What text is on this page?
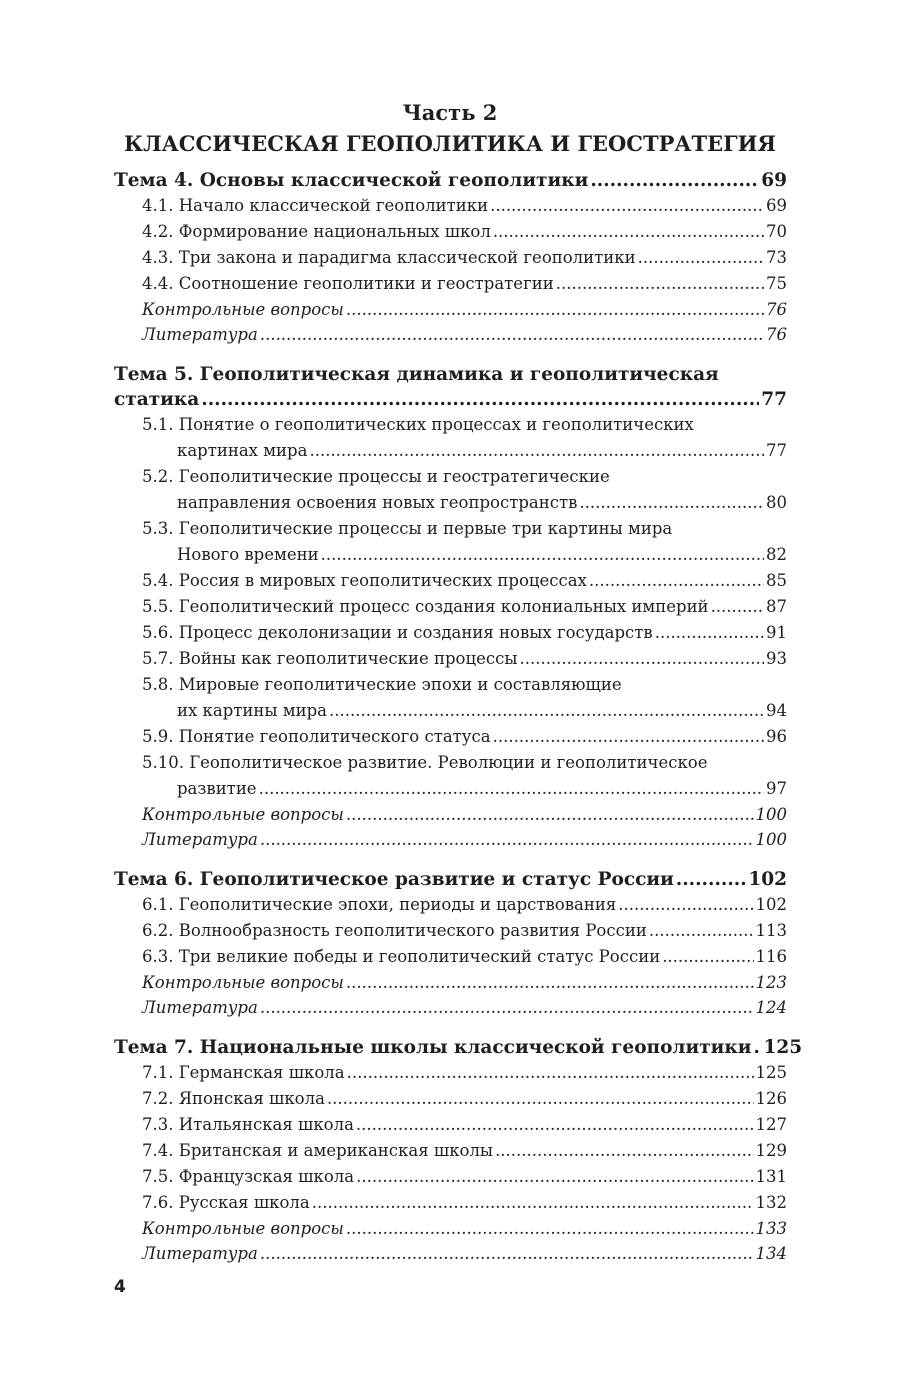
Часть 2
КЛАССИЧЕСКАЯ ГЕОПОЛИТИКА И ГЕОСТРАТЕГИЯ
Тема 4. Основы классической геополитики .....	69
4.1. Начало классической геополитики .....	69
4.2. Формирование национальных школ .....	70
4.3. Три закона и парадигма классической геополитики .....	73
4.4. Соотношение геополитики и геостратегии .....	75
Контрольные вопросы .....	76
Литература .....	76
Тема 5. Геополитическая динамика и геополитическая
статика .....	77
5.1. Понятие о геополитических процессах и геополитических
картинах мира .....	77
5.2. Геополитические процессы и геостратегические
направления освоения новых геопространств .....	80
5.3. Геополитические процессы и первые три картины мира
Нового времени .....	82
5.4. Россия в мировых геополитических процессах .....	85
5.5. Геополитический процесс создания колониальных империй .....	87
5.6. Процесс деколонизации и создания новых государств .....	91
5.7. Войны как геополитические процессы .....	93
5.8. Мировые геополитические эпохи и составляющие
их картины мира .....	94
5.9. Понятие геополитического статуса .....	96
5.10. Геополитическое развитие. Революции и геополитическое
развитие .....	97
Контрольные вопросы .....	100
Литература .....	100
Тема 6. Геополитическое развитие и статус России .....	102
6.1. Геополитические эпохи, периоды и царствования .....	102
6.2. Волнообразность геополитического развития России .....	113
6.3. Три великие победы и геополитический статус России .....	116
Контрольные вопросы .....	123
Литература .....	124
Тема 7. Национальные школы классической геополитики ..... 125
7.1. Германская школа .....	125
7.2. Японская школа .....	126
7.3. Итальянская школа .....	127
7.4. Британская и американская школы .....	129
7.5. Французская школа .....	131
7.6. Русская школа .....	132
Контрольные вопросы .....	133
Литература .....	134
4
